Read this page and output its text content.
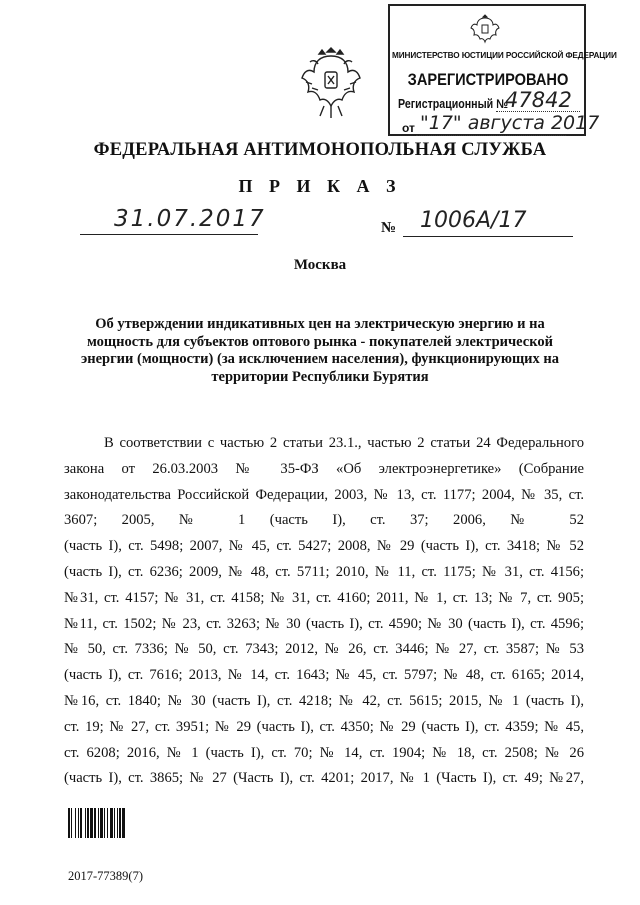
МИНИСТЕРСТВО ЮСТИЦИИ РОССИЙСКОЙ ФЕДЕРАЦИИ
ЗАРЕГИСТРИРОВАНО
Регистрационный №
47842
от "17" августа 2017
ФЕДЕРАЛЬНАЯ АНТИМОНОПОЛЬНАЯ СЛУЖБА
П Р И К А З
31.07.2017	№ 1006А/17
Москва
Об утверждении индикативных цен на электрическую энергию и на
мощность для субъектов оптового рынка - покупателей электрической
энергии (мощности) (за исключением населения), функционирующих на
территории Республики Бурятия
В соответствии с частью 2 статьи 23.1., частью 2 статьи 24 Федерального
закона от 26.03.2003 № 35-ФЗ «Об электроэнергетике» (Собрание
законодательства Российской Федерации, 2003, № 13, ст. 1177; 2004, № 35, ст.
3607; 2005, № 1 (часть I), ст. 37; 2006, № 52
(часть I), ст. 5498; 2007, № 45, ст. 5427; 2008, № 29 (часть I), ст. 3418; № 52
(часть I), ст. 6236; 2009, № 48, ст. 5711; 2010, № 11, ст. 1175; № 31, ст. 4156;
№31, ст. 4157; № 31, ст. 4158; № 31, ст. 4160; 2011, № 1, ст. 13; № 7, ст. 905;
№11, ст. 1502; № 23, ст. 3263; № 30 (часть I), ст. 4590; № 30 (часть I), ст. 4596;
№ 50, ст. 7336; № 50, ст. 7343; 2012, № 26, ст. 3446; № 27, ст. 3587; № 53
(часть I), ст. 7616; 2013, № 14, ст. 1643; № 45, ст. 5797; № 48, ст. 6165; 2014,
№16, ст. 1840; № 30 (часть I), ст. 4218; № 42, ст. 5615; 2015, № 1 (часть I),
ст. 19; № 27, ст. 3951; № 29 (часть I), ст. 4350; № 29 (часть I), ст. 4359; № 45,
ст. 6208; 2016, № 1 (часть I), ст. 70; № 14, ст. 1904; № 18, ст. 2508; № 26
(часть I), ст. 3865; № 27 (Часть I), ст. 4201; 2017, № 1 (Часть I), ст. 49; №27,
2017-77389(7)
